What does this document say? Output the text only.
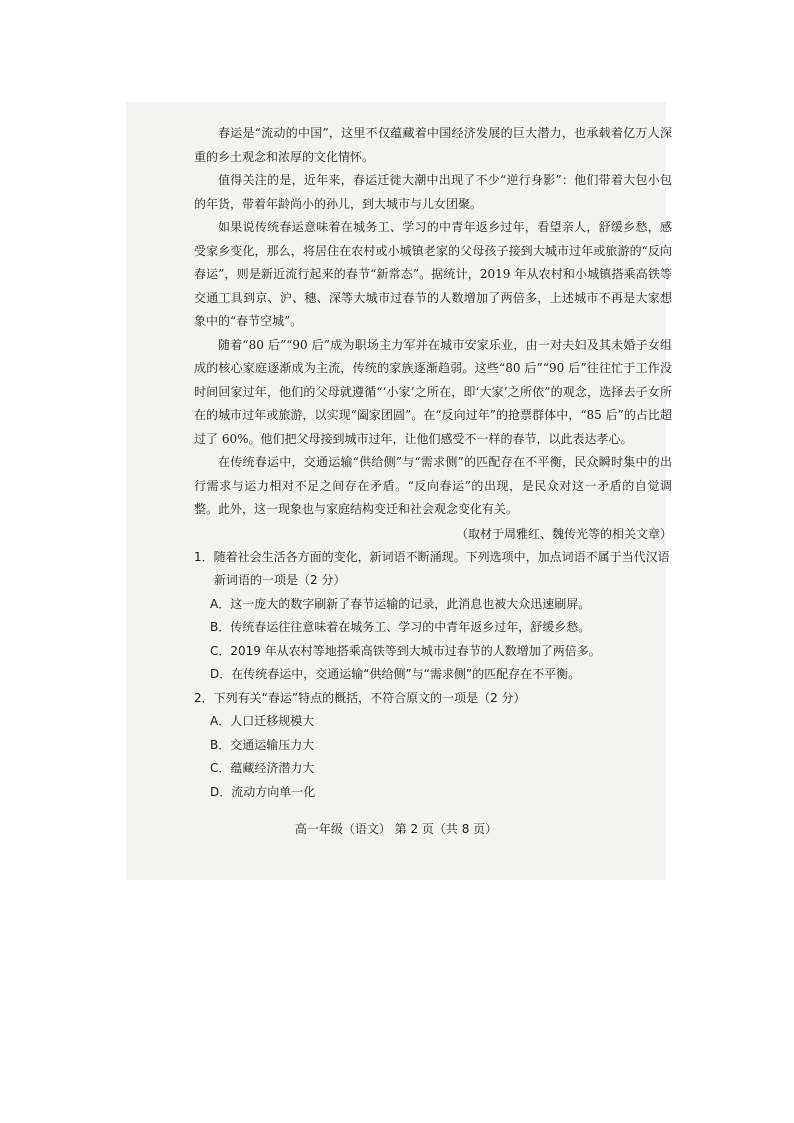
春运是“流动的中国”，这里不仅蕴藏着中国经济发展的巨大潜力，也承载着亿万人深重的乡土观念和浓厚的文化情怀。

值得关注的是，近年来，春运迁徙大潮中出现了不少“逆行身影”：他们带着大包小包的年货，带着年龄尚小的孙儿，到大城市与儿女团聚。

如果说传统春运意味着在城务工、学习的中青年返乡过年，看望亲人，舒缓乡愁，感受家乡变化，那么，将居住在农村或小城镇老家的父母孩子接到大城市过年或旅游的“反向春运”，则是新近流行起来的春节“新常态”。据统计，2019 年从农村和小城镇搭乘高铁等交通工具到京、沪、穗、深等大城市过春节的人数增加了两倍多，上述城市不再是大家想象中的“春节空城”。

随着“80 后”“90 后”成为职场主力军并在城市安家乐业，由一对夫妇及其未婚子女组成的核心家庭逐渐成为主流，传统的家族逐渐趋弱。这些“80 后”“90 后”往往忙于工作没时间回家过年，他们的父母就遵循“‘小家’之所在，即‘大家’之所依”的观念，选择去子女所在的城市过年或旅游，以实现“阖家团圆”。在“反向过年”的抢票群体中，“85 后”的占比超过了 60%。他们把父母接到城市过年，让他们感受不一样的春节，以此表达孝心。

在传统春运中，交通运输“供给侧”与“需求侧”的匹配存在不平衡，民众瞬时集中的出行需求与运力相对不足之间存在矛盾。“反向春运”的出现，是民众对这一矛盾的自觉调整。此外，这一现象也与家庭结构变迁和社会观念变化有关。

（取材于周雅红、魏传光等的相关文章）

1．随着社会生活各方面的变化，新词语不断涌现。下列选项中，加点词语不属于当代汉语新词语的一项是（2 分）

A．这一庞大的数字刷新了春节运输的记录，此消息也被大众迅速刷屏。

B．传统春运往往意味着在城务工、学习的中青年返乡过年，舒缓乡愁。

C．2019 年从农村等地搭乘高铁等到大城市过春节的人数增加了两倍多。

D．在传统春运中，交通运输“供给侧”与“需求侧”的匹配存在不平衡。

2．下列有关“春运”特点的概括，不符合原文的一项是（2 分）

A．人口迁移规模大

B．交通运输压力大

C．蕴藏经济潜力大

D．流动方向单一化

高一年级（语文） 第 2 页（共 8 页）
